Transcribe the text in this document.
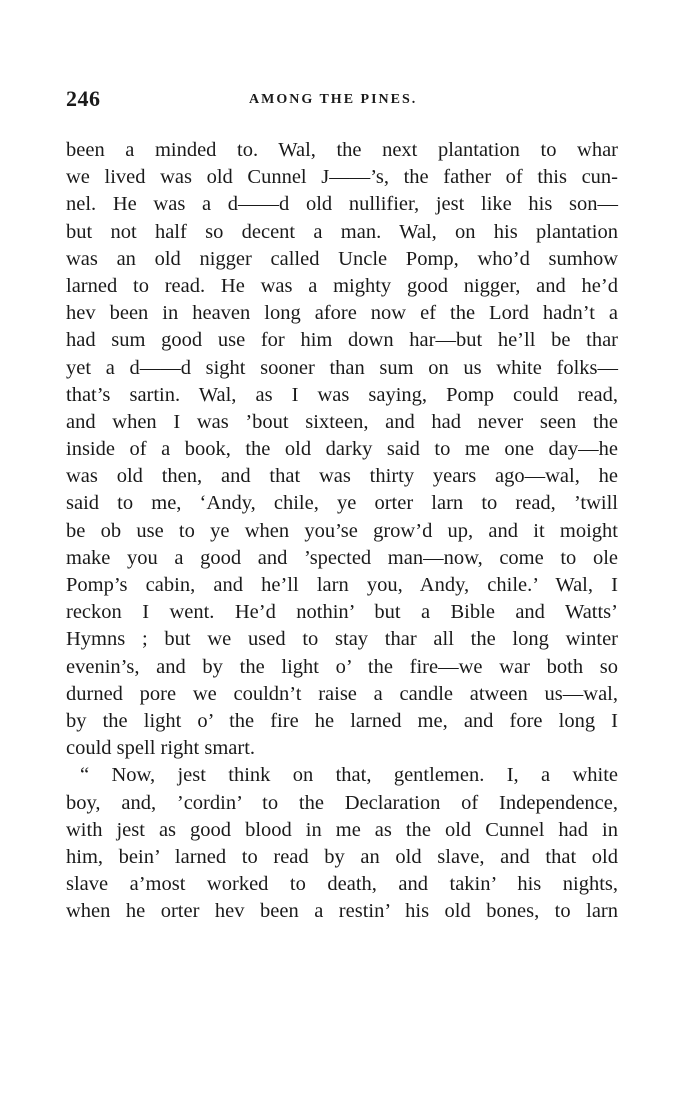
246	AMONG THE PINES.
been a minded to. Wal, the next plantation to whar
we lived was old Cunnel J——’s, the father of this cun-
nel. He was a d——d old nullifier, jest like his son—
but not half so decent a man. Wal, on his plantation
was an old nigger called Uncle Pomp, who’d sumhow
larned to read. He was a mighty good nigger, and he’d
hev been in heaven long afore now ef the Lord hadn’t a
had sum good use for him down har—but he’ll be thar
yet a d——d sight sooner than sum on us white folks—
that’s sartin. Wal, as I was saying, Pomp could read,
and when I was ’bout sixteen, and had never seen the
inside of a book, the old darky said to me one day—he
was old then, and that was thirty years ago—wal, he
said to me, ‘Andy, chile, ye orter larn to read, ’twill
be ob use to ye when you’se grow’d up, and it moight
make you a good and ’spected man—now, come to ole
Pomp’s cabin, and he’ll larn you, Andy, chile.’ Wal, I
reckon I went. He’d nothin’ but a Bible and Watts’
Hymns ; but we used to stay thar all the long winter
evenin’s, and by the light o’ the fire—we war both so
durned pore we couldn’t raise a candle atween us—wal,
by the light o’ the fire he larned me, and fore long I
could spell right smart.
“ Now, jest think on that, gentlemen. I, a white
boy, and, ’cordin’ to the Declaration of Independence,
with jest as good blood in me as the old Cunnel had in
him, bein’ larned to read by an old slave, and that old
slave a’most worked to death, and takin’ his nights,
when he orter hev been a restin’ his old bones, to larn
